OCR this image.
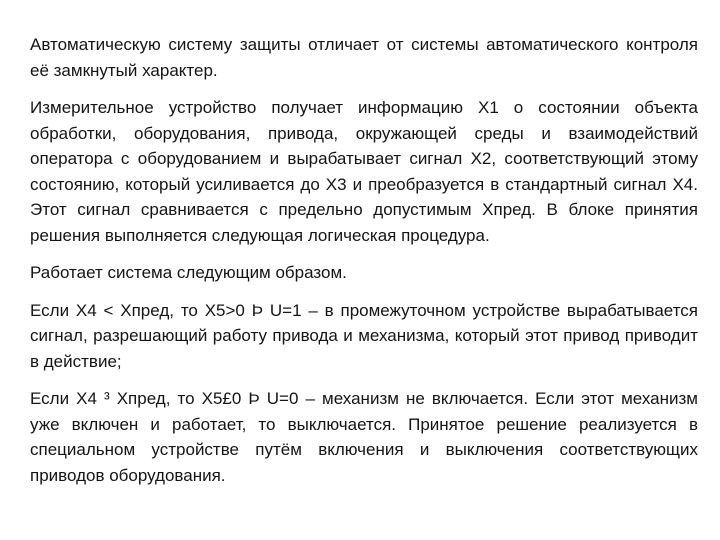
Автоматическую систему защиты отличает от системы автоматического контроля её замкнутый характер.

Измерительное устройство получает информацию Х1 о состоянии объекта обработки, оборудования, привода, окружающей среды и взаимодействий оператора с оборудованием и вырабатывает сигнал Х2, соответствующий этому состоянию, который усиливается до Х3 и преобразуется в стандартный сигнал Х4. Этот сигнал сравнивается с предельно допустимым Хпред. В блоке принятия решения выполняется следующая логическая процедура.

Работает система следующим образом.

Если Х4 < Хпред, то Х5>0 Þ U=1 – в промежуточном устройстве вырабатывается сигнал, разрешающий работу привода и механизма, который этот привод приводит в действие;

Если Х4 ³ Хпред, то Х5£0 Þ U=0 – механизм не включается. Если этот механизм уже включен и работает, то выключается. Принятое решение реализуется в специальном устройстве путём включения и выключения соответствующих приводов оборудования.
